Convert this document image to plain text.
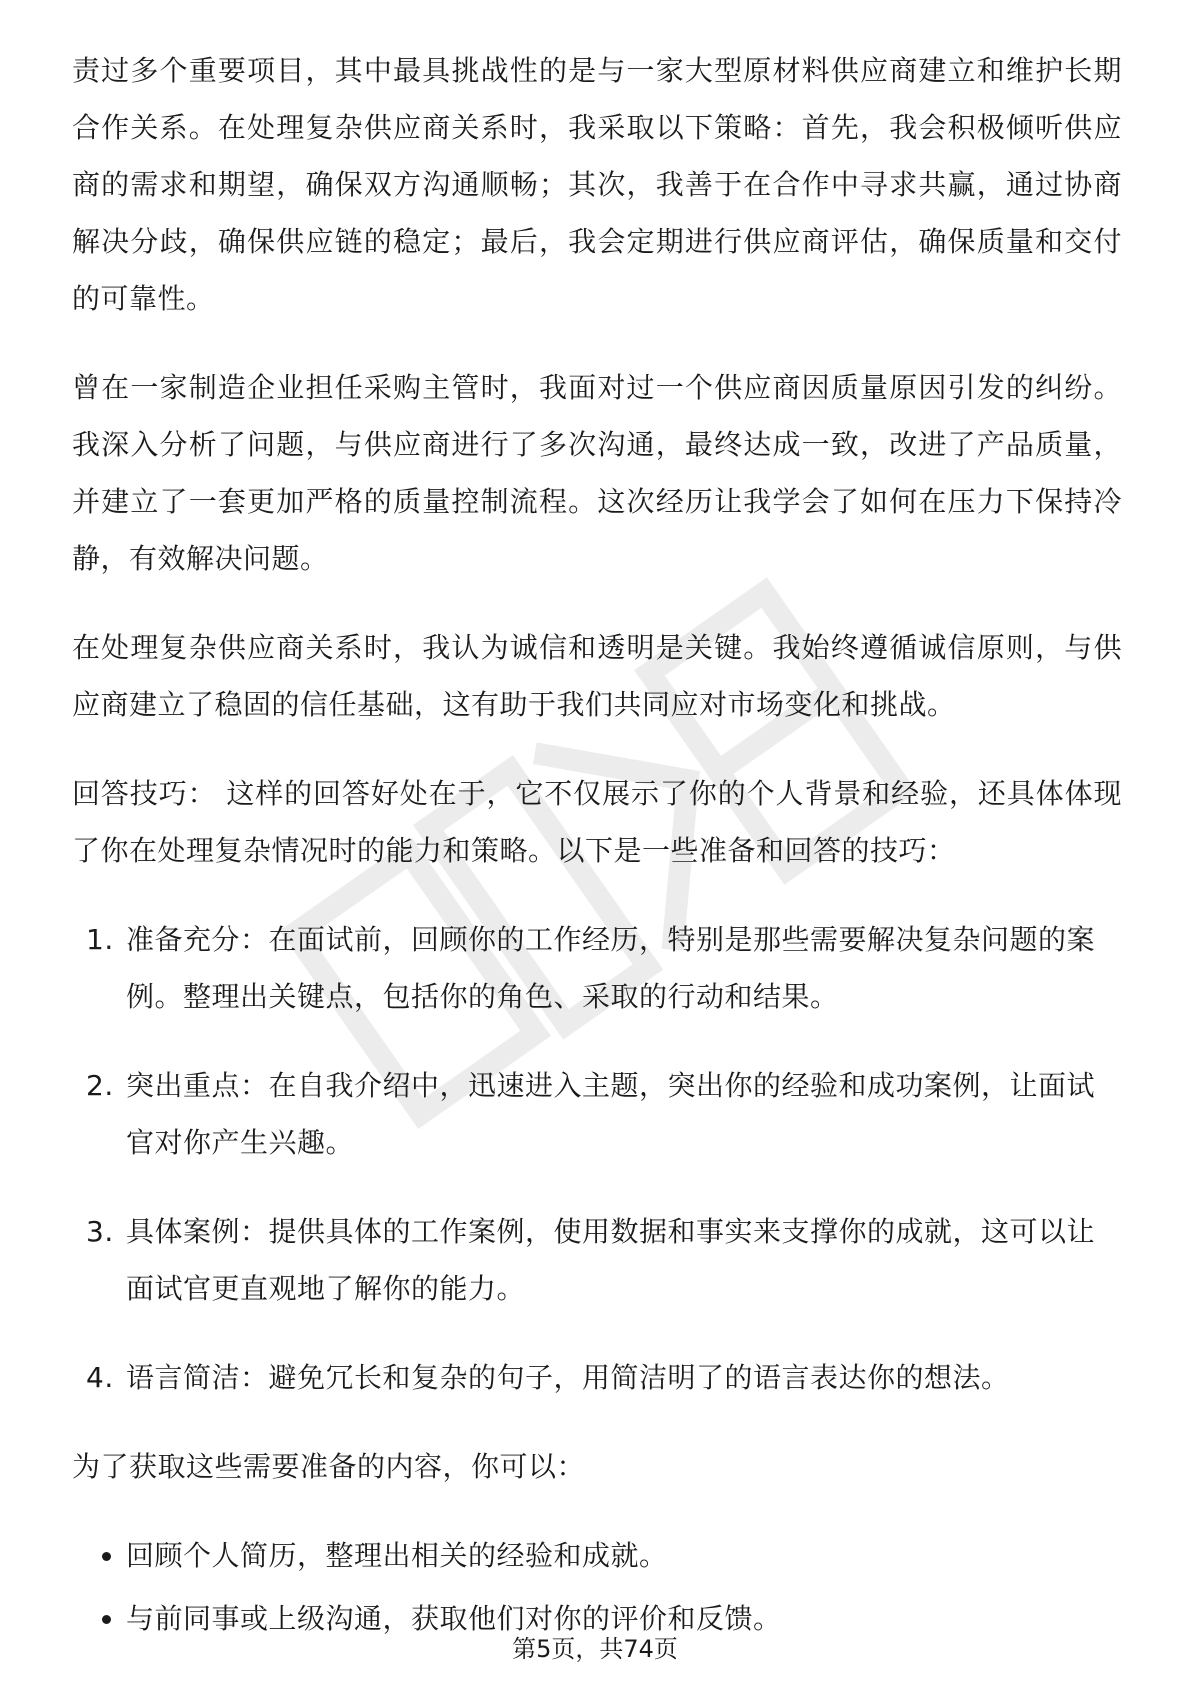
责过多个重要项目，其中最具挑战性的是与一家大型原材料供应商建立和维护长期合作关系。在处理复杂供应商关系时，我采取以下策略：首先，我会积极倾听供应商的需求和期望，确保双方沟通顺畅；其次，我善于在合作中寻求共赢，通过协商解决分歧，确保供应链的稳定；最后，我会定期进行供应商评估，确保质量和交付的可靠性。

曾在一家制造企业担任采购主管时，我面对过一个供应商因质量原因引发的纠纷。我深入分析了问题，与供应商进行了多次沟通，最终达成一致，改进了产品质量，并建立了一套更加严格的质量控制流程。这次经历让我学会了如何在压力下保持冷静，有效解决问题。

在处理复杂供应商关系时，我认为诚信和透明是关键。我始终遵循诚信原则，与供应商建立了稳固的信任基础，这有助于我们共同应对市场变化和挑战。

回答技巧： 这样的回答好处在于，它不仅展示了你的个人背景和经验，还具体体现了你在处理复杂情况时的能力和策略。以下是一些准备和回答的技巧：

1. 准备充分：在面试前，回顾你的工作经历，特别是那些需要解决复杂问题的案例。整理出关键点，包括你的角色、采取的行动和结果。
2. 突出重点：在自我介绍中，迅速进入主题，突出你的经验和成功案例，让面试官对你产生兴趣。
3. 具体案例：提供具体的工作案例，使用数据和事实来支撑你的成就，这可以让面试官更直观地了解你的能力。
4. 语言简洁：避免冗长和复杂的句子，用简洁明了的语言表达你的想法。

为了获取这些需要准备的内容，你可以：

回顾个人简历，整理出相关的经验和成就。
与前同事或上级沟通，获取他们对你的评价和反馈。
第5页，共74页
